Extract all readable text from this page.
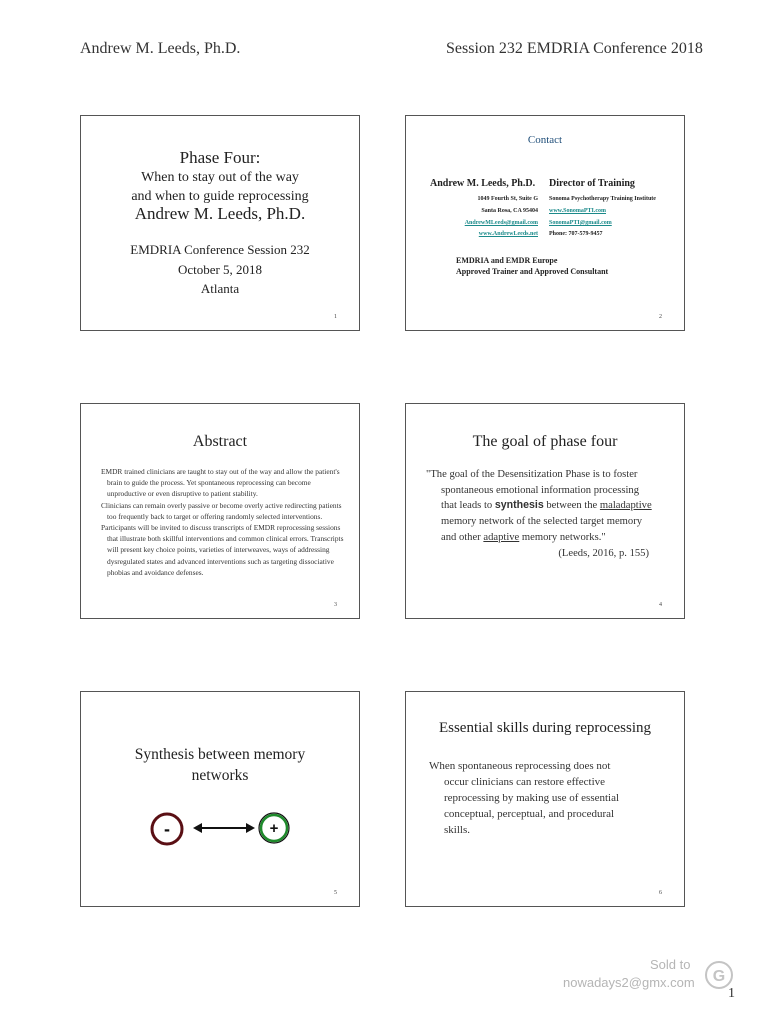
Andrew M. Leeds, Ph.D.	Session 232 EMDRIA Conference 2018
Phase Four:
When to stay out of the way
and when to guide reprocessing
Andrew M. Leeds, Ph.D.
EMDRIA Conference Session 232
October 5, 2018
Atlanta
1
Contact
Andrew M. Leeds, Ph.D. Director of Training
1049 Fourth St, Suite G
Santa Rosa, CA 95404
AndrewMLeeds@gmail.com
www.AndrewLeeds.net
Sonoma Psychotherapy Training Institute
www.SonomaPTI.com
SonomaPTI@gmail.com
Phone: 707-579-9457
EMDRIA and EMDR Europe
Approved Trainer and Approved Consultant
2
Abstract

EMDR trained clinicians are taught to stay out of the way and allow the patient's brain to guide the process. Yet spontaneous reprocessing can become unproductive or even disruptive to patient stability.

Clinicians can remain overly passive or become overly active redirecting patients too frequently back to target or offering randomly selected interventions.

Participants will be invited to discuss transcripts of EMDR reprocessing sessions that illustrate both skillful interventions and common clinical errors. Transcripts will present key choice points, varieties of interweaves, ways of addressing dysregulated states and advanced interventions such as targeting dissociative phobias and avoidance defenses.

3
The goal of phase four
"The goal of the Desensitization Phase is to foster
spontaneous emotional information processing
that leads to synthesis between the maladaptive
memory network of the selected target memory
and other adaptive memory networks."
(Leeds, 2016, p. 155)
4
Synthesis between memory
networks
-	+
5
Essential skills during reprocessing
When spontaneous reprocessing does not
occur clinicians can restore effective
reprocessing by making use of essential
conceptual, perceptual, and procedural
skills.
6
Sold to
nowadays2@gmx.com G
1
